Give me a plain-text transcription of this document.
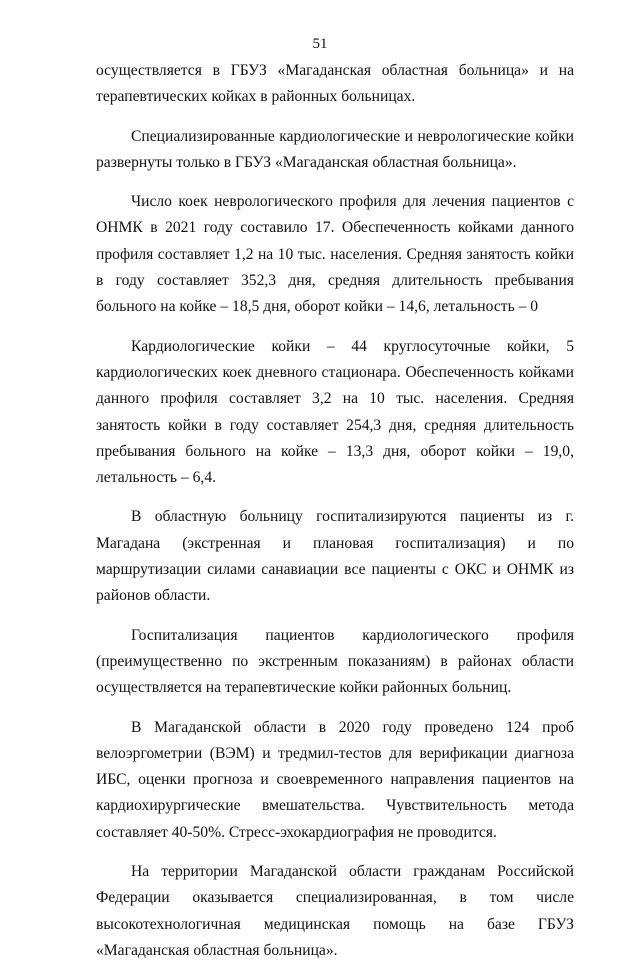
51

осуществляется в ГБУЗ «Магаданская областная больница» и на терапевтических койках в районных больницах.

Специализированные кардиологические и неврологические койки развернуты только в ГБУЗ «Магаданская областная больница».

Число коек неврологического профиля для лечения пациентов с ОНМК в 2021 году составило 17. Обеспеченность койками данного профиля составляет 1,2 на 10 тыс. населения. Средняя занятость койки в году составляет 352,3 дня, средняя длительность пребывания больного на койке – 18,5 дня, оборот койки – 14,6, летальность – 0

Кардиологические койки – 44 круглосуточные койки, 5 кардиологических коек дневного стационара. Обеспеченность койками данного профиля составляет 3,2 на 10 тыс. населения. Средняя занятость койки в году составляет 254,3 дня, средняя длительность пребывания больного на койке – 13,3 дня, оборот койки – 19,0, летальность – 6,4.

В областную больницу госпитализируются пациенты из г. Магадана (экстренная и плановая госпитализация) и по маршрутизации силами санавиации все пациенты с ОКС и ОНМК из районов области.

Госпитализация пациентов кардиологического профиля (преимущественно по экстренным показаниям) в районах области осуществляется на терапевтические койки районных больниц.

В Магаданской области в 2020 году проведено 124 проб велоэргометрии (ВЭМ) и тредмил-тестов для верификации диагноза ИБС, оценки прогноза и своевременного направления пациентов на кардиохирургические вмешательства. Чувствительность метода составляет 40-50%. Стресс-эхокардиография не проводится.

На территории Магаданской области гражданам Российской Федерации оказывается специализированная, в том числе высокотехнологичная медицинская помощь на базе ГБУЗ «Магаданская областная больница».
